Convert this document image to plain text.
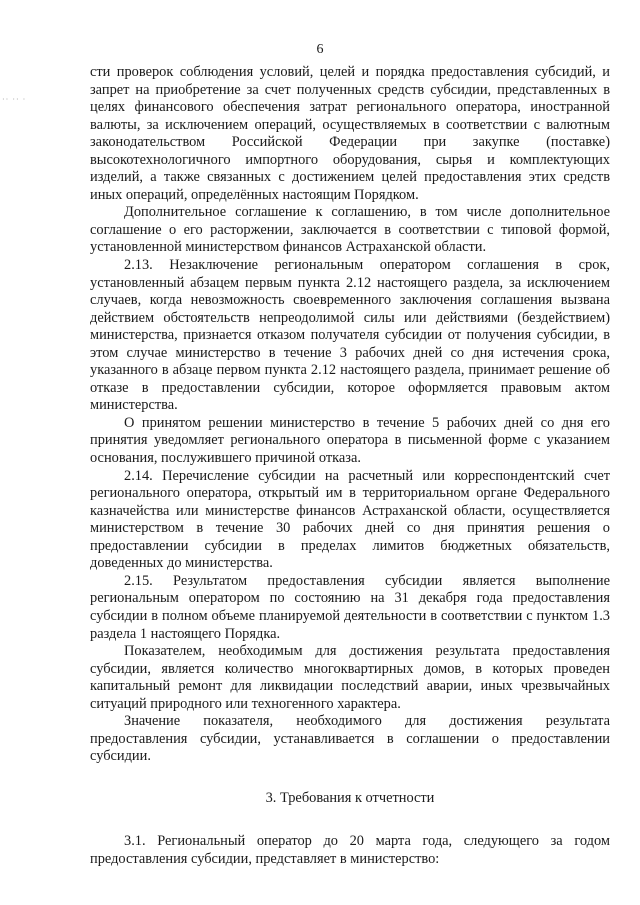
6
·· ·· ·

сти проверок соблюдения условий, целей и порядка предоставления субсидий, и запрет на приобретение за счет полученных средств субсидии, представленных в целях финансового обеспечения затрат регионального оператора, иностранной валюты, за исключением операций, осуществляемых в соответствии с валютным законодательством Российской Федерации при закупке (поставке) высокотехнологичного импортного оборудования, сырья и комплектующих изделий, а также связанных с достижением целей предоставления этих средств иных операций, определённых настоящим Порядком.

Дополнительное соглашение к соглашению, в том числе дополнительное соглашение о его расторжении, заключается в соответствии с типовой формой, установленной министерством финансов Астраханской области.

2.13. Незаключение региональным оператором соглашения в срок, установленный абзацем первым пункта 2.12 настоящего раздела, за исключением случаев, когда невозможность своевременного заключения соглашения вызвана действием обстоятельств непреодолимой силы или действиями (бездействием) министерства, признается отказом получателя субсидии от получения субсидии, в этом случае министерство в течение 3 рабочих дней со дня истечения срока, указанного в абзаце первом пункта 2.12 настоящего раздела, принимает решение об отказе в предоставлении субсидии, которое оформляется правовым актом министерства.

О принятом решении министерство в течение 5 рабочих дней со дня его принятия уведомляет регионального оператора в письменной форме с указанием основания, послужившего причиной отказа.

2.14. Перечисление субсидии на расчетный или корреспондентский счет регионального оператора, открытый им в территориальном органе Федерального казначейства или министерстве финансов Астраханской области, осуществляется министерством в течение 30 рабочих дней со дня принятия решения о предоставлении субсидии в пределах лимитов бюджетных обязательств, доведенных до министерства.

2.15. Результатом предоставления субсидии является выполнение региональным оператором по состоянию на 31 декабря года предоставления субсидии в полном объеме планируемой деятельности в соответствии с пунктом 1.3 раздела 1 настоящего Порядка.

Показателем, необходимым для достижения результата предоставления субсидии, является количество многоквартирных домов, в которых проведен капитальный ремонт для ликвидации последствий аварии, иных чрезвычайных ситуаций природного или техногенного характера.

Значение показателя, необходимого для достижения результата предоставления субсидии, устанавливается в соглашении о предоставлении субсидии.

3. Требования к отчетности

3.1. Региональный оператор до 20 марта года, следующего за годом предоставления субсидии, представляет в министерство:
